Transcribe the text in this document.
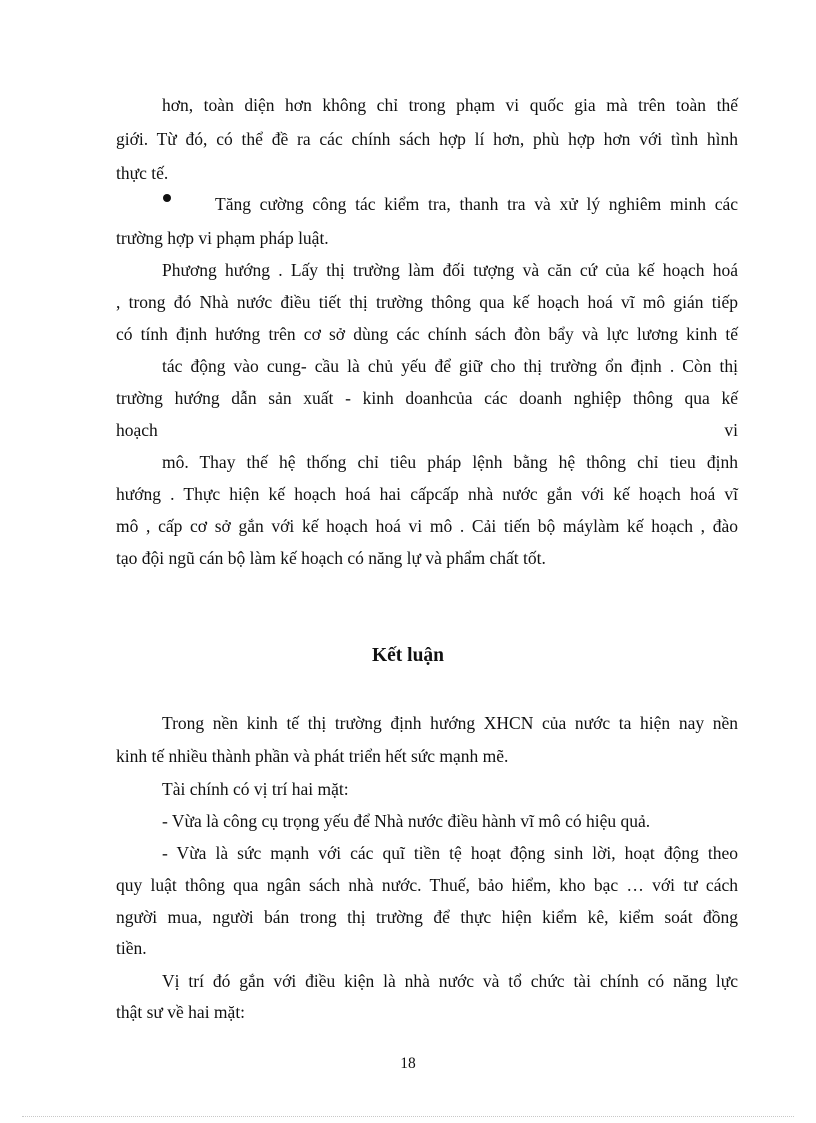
hơn, toàn diện hơn không chỉ trong phạm vi quốc gia mà trên toàn thế
giới. Từ đó, có thể đề ra các chính sách hợp lí hơn, phù hợp hơn với tình hình
thực tế.
Tăng cường công tác kiểm tra, thanh tra và xử lý nghiêm minh các
trường hợp vi phạm pháp luật.
Phương hướng . Lấy thị trường làm đối tượng và căn cứ của kế hoạch hoá
, trong đó Nhà nước điều tiết thị trường thông qua kế hoạch hoá vĩ mô gián tiếp
có tính định hướng trên cơ sở dùng các chính sách đòn bẩy và lực lương kinh tế
tác động vào cung- cầu là chủ yếu để giữ cho thị trường ổn định . Còn thị
trường hướng dẫn sản xuất - kinh doanhcủa các doanh nghiệp thông qua kế
hoạch	vi
mô. Thay thế hệ thống chỉ tiêu pháp lệnh bằng hệ thông chỉ tieu định
hướng . Thực hiện kế hoạch hoá hai cấpcấp nhà nước gắn với kế hoạch hoá vĩ
mô , cấp cơ sở gắn với kế hoạch hoá vi mô . Cải tiến bộ máylàm kế hoạch , đào
tạo đội ngũ cán bộ làm kế hoạch có năng lự và phẩm chất tốt.
Kết luận
Trong nền kinh tế thị trường định hướng XHCN của nước ta hiện nay nền
kinh tế nhiều thành phần và phát triển hết sức mạnh mẽ.
Tài chính có vị trí hai mặt:
- Vừa là công cụ trọng yếu để Nhà nước điều hành vĩ mô có hiệu quả.
- Vừa là sức mạnh với các quĩ tiền tệ hoạt động sinh lời, hoạt động theo
quy luật thông qua ngân sách nhà nước. Thuế, bảo hiểm, kho bạc … với tư cách
người mua, người bán trong thị trường để thực hiện kiểm kê, kiểm soát đồng
tiền.
Vị trí đó gắn với điều kiện là nhà nước và tổ chức tài chính có năng lực
thật sư về hai mặt:
18
